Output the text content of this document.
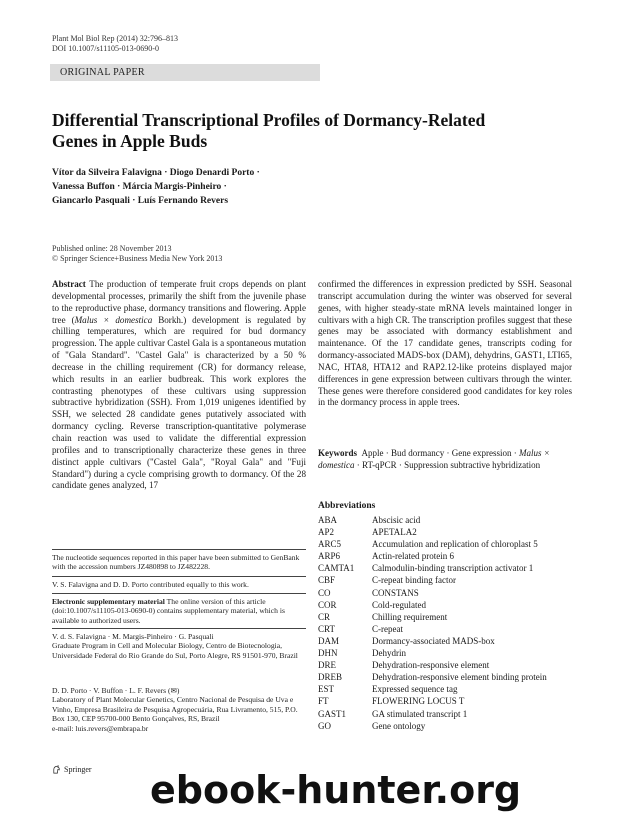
Plant Mol Biol Rep (2014) 32:796–813
DOI 10.1007/s11105-013-0690-0
ORIGINAL PAPER
Differential Transcriptional Profiles of Dormancy-Related Genes in Apple Buds
Vítor da Silveira Falavigna · Diogo Denardi Porto ·
Vanessa Buffon · Márcia Margis-Pinheiro ·
Giancarlo Pasquali · Luís Fernando Revers
Published online: 28 November 2013
© Springer Science+Business Media New York 2013
Abstract The production of temperate fruit crops depends on plant developmental processes, primarily the shift from the juvenile phase to the reproductive phase, dormancy transitions and flowering. Apple tree (Malus × domestica Borkh.) development is regulated by chilling temperatures, which are required for bud dormancy progression. The apple cultivar Castel Gala is a spontaneous mutation of "Gala Standard". "Castel Gala" is characterized by a 50 % decrease in the chilling requirement (CR) for dormancy release, which results in an earlier budbreak. This work explores the contrasting phenotypes of these cultivars using suppression subtractive hybridization (SSH). From 1,019 unigenes identified by SSH, we selected 28 candidate genes putatively associated with dormancy cycling. Reverse transcription-quantitative polymerase chain reaction was used to validate the differential expression profiles and to transcriptionally characterize these genes in three distinct apple cultivars ("Castel Gala", "Royal Gala" and "Fuji Standard") during a cycle comprising growth to dormancy. Of the 28 candidate genes analyzed, 17
confirmed the differences in expression predicted by SSH. Seasonal transcript accumulation during the winter was observed for several genes, with higher steady-state mRNA levels maintained longer in cultivars with a high CR. The transcription profiles suggest that these genes may be associated with dormancy establishment and maintenance. Of the 17 candidate genes, transcripts coding for dormancy-associated MADS-box (DAM), dehydrins, GAST1, LTI65, NAC, HTA8, HTA12 and RAP2.12-like proteins displayed major differences in gene expression between cultivars through the winter. These genes were therefore considered good candidates for key roles in the dormancy process in apple trees.
Keywords Apple · Bud dormancy · Gene expression · Malus × domestica · RT-qPCR · Suppression subtractive hybridization
Abbreviations
ABA	Abscisic acid
AP2	APETALA2
ARC5	Accumulation and replication of chloroplast 5
ARP6	Actin-related protein 6
CAMTA1	Calmodulin-binding transcription activator 1
CBF	C-repeat binding factor
CO	CONSTANS
COR	Cold-regulated
CR	Chilling requirement
CRT	C-repeat
DAM	Dormancy-associated MADS-box
DHN	Dehydrin
DRE	Dehydration-responsive element
DREB	Dehydration-responsive element binding protein
EST	Expressed sequence tag
FT	FLOWERING LOCUS T
GAST1	GA stimulated transcript 1
GO	Gene ontology
The nucleotide sequences reported in this paper have been submitted to GenBank with the accession numbers JZ480898 to JZ482228.
V. S. Falavigna and D. D. Porto contributed equally to this work.
Electronic supplementary material The online version of this article (doi:10.1007/s11105-013-0690-0) contains supplementary material, which is available to authorized users.
V. d. S. Falavigna · M. Margis-Pinheiro · G. Pasquali
Graduate Program in Cell and Molecular Biology, Centro de Biotecnologia, Universidade Federal do Rio Grande do Sul, Porto Alegre, RS 91501-970, Brazil
D. D. Porto · V. Buffon · L. F. Revers (✉)
Laboratory of Plant Molecular Genetics, Centro Nacional de Pesquisa de Uva e Vinho, Empresa Brasileira de Pesquisa Agropecuária, Rua Livramento, 515, P.O. Box 130, CEP 95700-000 Bento Gonçalves, RS, Brazil
e-mail: luis.revers@embrapa.br
Springer ebook-hunter.org
